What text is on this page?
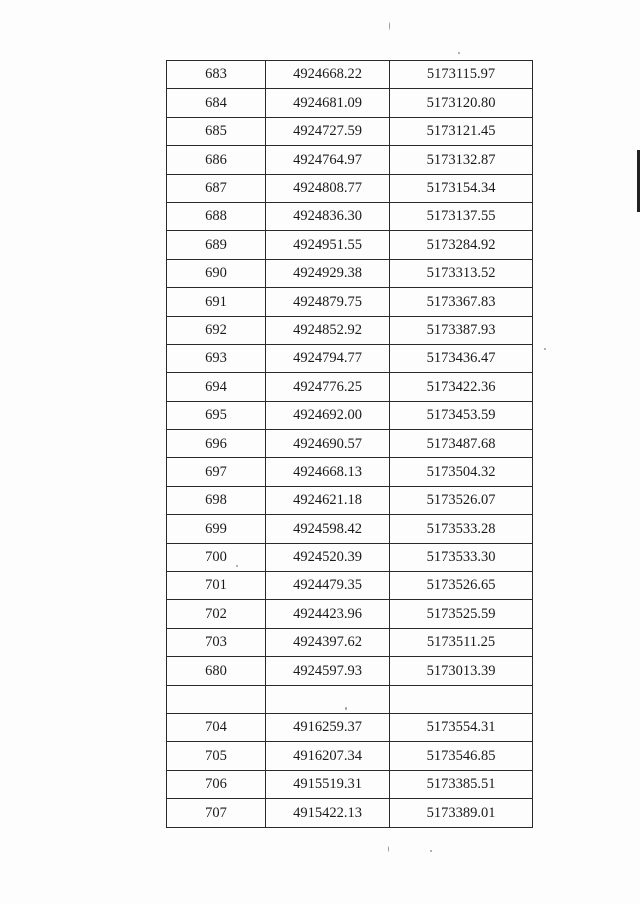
683	4924668.22	5173115.97
684	4924681.09	5173120.80
685	4924727.59	5173121.45
686	4924764.97	5173132.87
687	4924808.77	5173154.34
688	4924836.30	5173137.55
689	4924951.55	5173284.92
690	4924929.38	5173313.52
691	4924879.75	5173367.83
692	4924852.92	5173387.93
693	4924794.77	5173436.47
694	4924776.25	5173422.36
695	4924692.00	5173453.59
696	4924690.57	5173487.68
697	4924668.13	5173504.32
698	4924621.18	5173526.07
699	4924598.42	5173533.28
700	4924520.39	5173533.30
701	4924479.35	5173526.65
702	4924423.96	5173525.59
703	4924397.62	5173511.25
680	4924597.93	5173013.39

704	4916259.37	5173554.31
705	4916207.34	5173546.85
706	4915519.31	5173385.51
707	4915422.13	5173389.01
